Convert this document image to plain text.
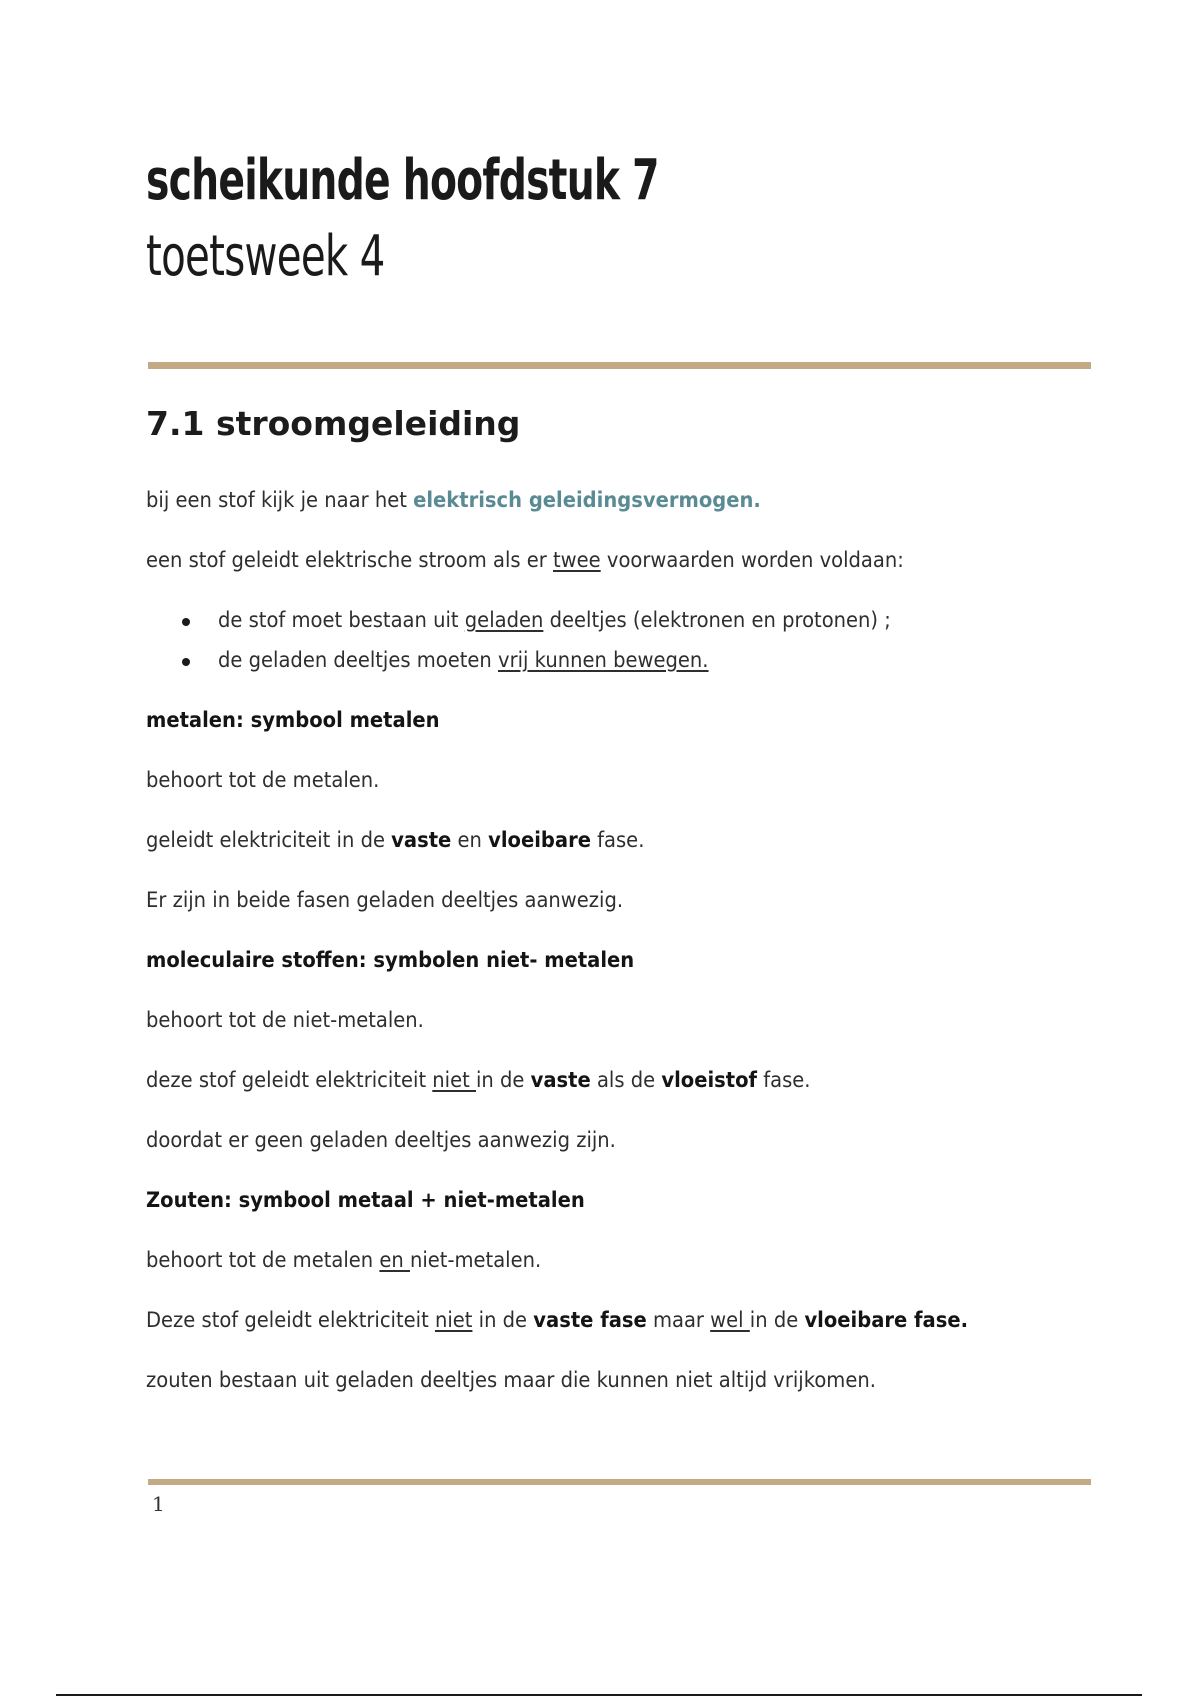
scheikunde hoofdstuk 7
toetsweek 4
7.1 stroomgeleiding
bij een stof kijk je naar het elektrisch geleidingsvermogen.
een stof geleidt elektrische stroom als er twee voorwaarden worden voldaan:
de stof moet bestaan uit geladen deeltjes (elektronen en protonen) ;
de geladen deeltjes moeten vrij kunnen bewegen.
metalen: symbool metalen
behoort tot de metalen.
geleidt elektriciteit in de vaste en vloeibare fase.
Er zijn in beide fasen geladen deeltjes aanwezig.
moleculaire stoffen: symbolen niet- metalen
behoort tot de niet-metalen.
deze stof geleidt elektriciteit niet in de vaste als de vloeistof fase.
doordat er geen geladen deeltjes aanwezig zijn.
Zouten: symbool metaal + niet-metalen
behoort tot de metalen en niet-metalen.
Deze stof geleidt elektriciteit niet in de vaste fase maar wel in de vloeibare fase.
zouten bestaan uit geladen deeltjes maar die kunnen niet altijd vrijkomen.
1
